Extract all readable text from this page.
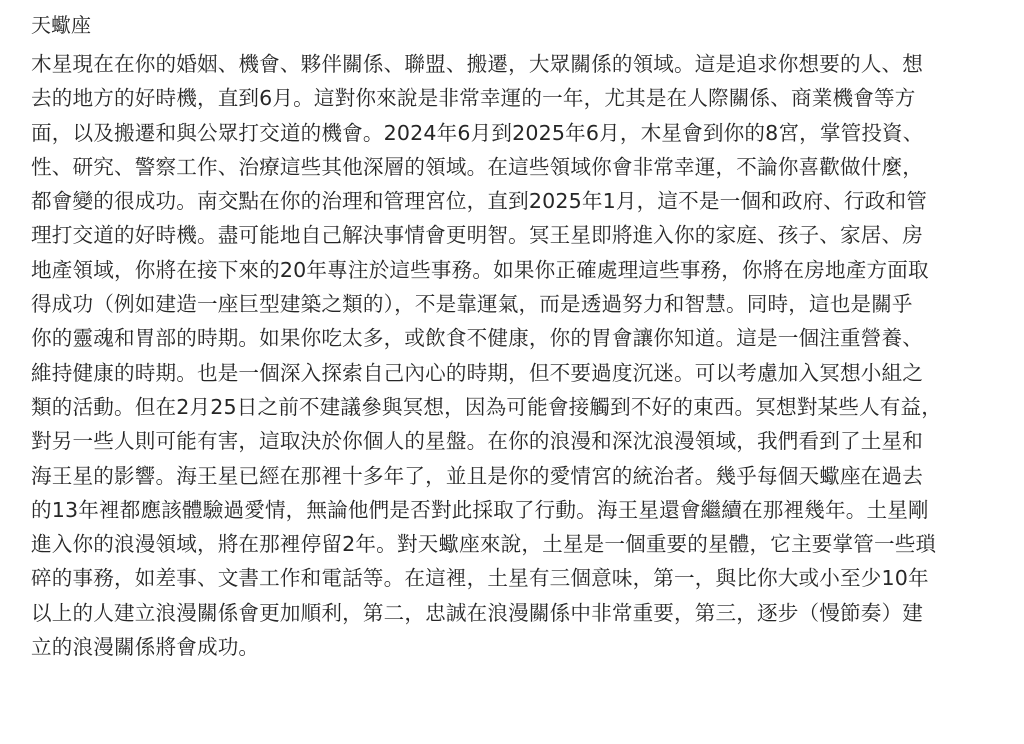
天蠍座
木星現在在你的婚姻、機會、夥伴關係、聯盟、搬遷，大眾關係的領域。這是追求你想要的人、想
去的地方的好時機，直到6月。這對你來說是非常幸運的一年，尤其是在人際關係、商業機會等方
面，以及搬遷和與公眾打交道的機會。2024年6月到2025年6月，木星會到你的8宮，掌管投資、
性、研究、警察工作、治療這些其他深層的領域。在這些領域你會非常幸運，不論你喜歡做什麼，
都會變的很成功。南交點在你的治理和管理宮位，直到2025年1月，這不是一個和政府、行政和管
理打交道的好時機。盡可能地自己解決事情會更明智。冥王星即將進入你的家庭、孩子、家居、房
地產領域，你將在接下來的20年專注於這些事務。如果你正確處理這些事務，你將在房地產方面取
得成功（例如建造一座巨型建築之類的），不是靠運氣，而是透過努力和智慧。同時，這也是關乎
你的靈魂和胃部的時期。如果你吃太多，或飲食不健康，你的胃會讓你知道。這是一個注重營養、
維持健康的時期。也是一個深入探索自己內心的時期，但不要過度沉迷。可以考慮加入冥想小組之
類的活動。但在2月25日之前不建議參與冥想，因為可能會接觸到不好的東西。冥想對某些人有益，
對另一些人則可能有害，這取決於你個人的星盤。在你的浪漫和深沈浪漫領域，我們看到了土星和
海王星的影響。海王星已經在那裡十多年了，並且是你的愛情宮的統治者。幾乎每個天蠍座在過去
的13年裡都應該體驗過愛情，無論他們是否對此採取了行動。海王星還會繼續在那裡幾年。土星剛
進入你的浪漫領域，將在那裡停留2年。對天蠍座來說，土星是一個重要的星體，它主要掌管一些瑣
碎的事務，如差事、文書工作和電話等。在這裡，土星有三個意味，第一，與比你大或小至少10年
以上的人建立浪漫關係會更加順利，第二，忠誠在浪漫關係中非常重要，第三，逐步（慢節奏）建
立的浪漫關係將會成功。
